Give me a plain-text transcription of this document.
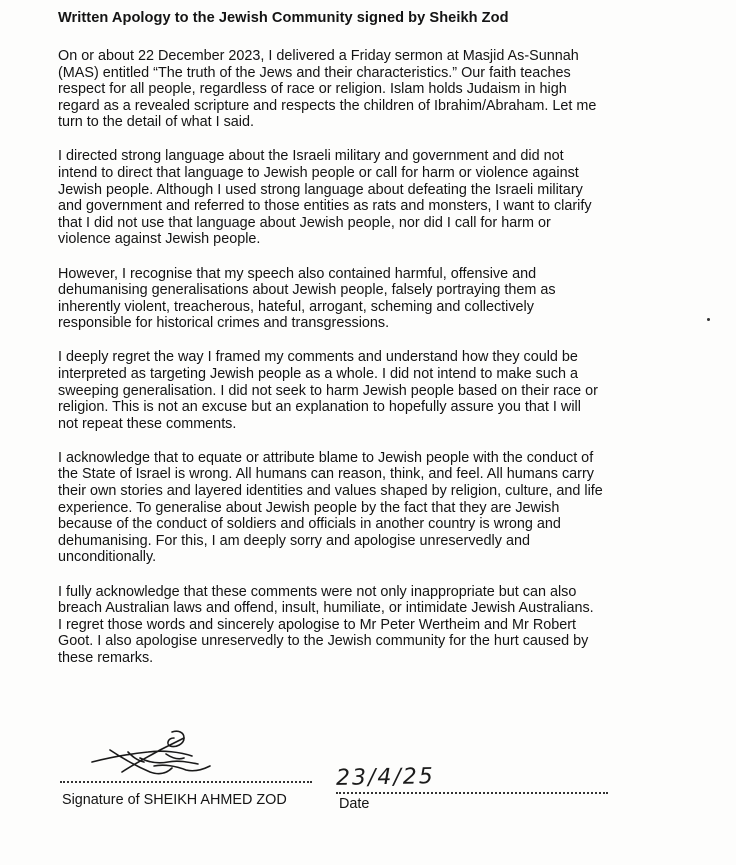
Written Apology to the Jewish Community signed by Sheikh Zod
On or about 22 December 2023, I delivered a Friday sermon at Masjid As-Sunnah
(MAS) entitled “The truth of the Jews and their characteristics.” Our faith teaches
respect for all people, regardless of race or religion. Islam holds Judaism in high
regard as a revealed scripture and respects the children of Ibrahim/Abraham. Let me
turn to the detail of what I said.
I directed strong language about the Israeli military and government and did not
intend to direct that language to Jewish people or call for harm or violence against
Jewish people. Although I used strong language about defeating the Israeli military
and government and referred to those entities as rats and monsters, I want to clarify
that I did not use that language about Jewish people, nor did I call for harm or
violence against Jewish people.
However, I recognise that my speech also contained harmful, offensive and
dehumanising generalisations about Jewish people, falsely portraying them as
inherently violent, treacherous, hateful, arrogant, scheming and collectively
responsible for historical crimes and transgressions.
I deeply regret the way I framed my comments and understand how they could be
interpreted as targeting Jewish people as a whole. I did not intend to make such a
sweeping generalisation. I did not seek to harm Jewish people based on their race or
religion. This is not an excuse but an explanation to hopefully assure you that I will
not repeat these comments.
I acknowledge that to equate or attribute blame to Jewish people with the conduct of
the State of Israel is wrong. All humans can reason, think, and feel. All humans carry
their own stories and layered identities and values shaped by religion, culture, and life
experience. To generalise about Jewish people by the fact that they are Jewish
because of the conduct of soldiers and officials in another country is wrong and
dehumanising. For this, I am deeply sorry and apologise unreservedly and
unconditionally.
I fully acknowledge that these comments were not only inappropriate but can also
breach Australian laws and offend, insult, humiliate, or intimidate Jewish Australians.
I regret those words and sincerely apologise to Mr Peter Wertheim and Mr Robert
Goot. I also apologise unreservedly to the Jewish community for the hurt caused by
these remarks.
Signature of SHEIKH AHMED ZOD
23/4/25
Date
